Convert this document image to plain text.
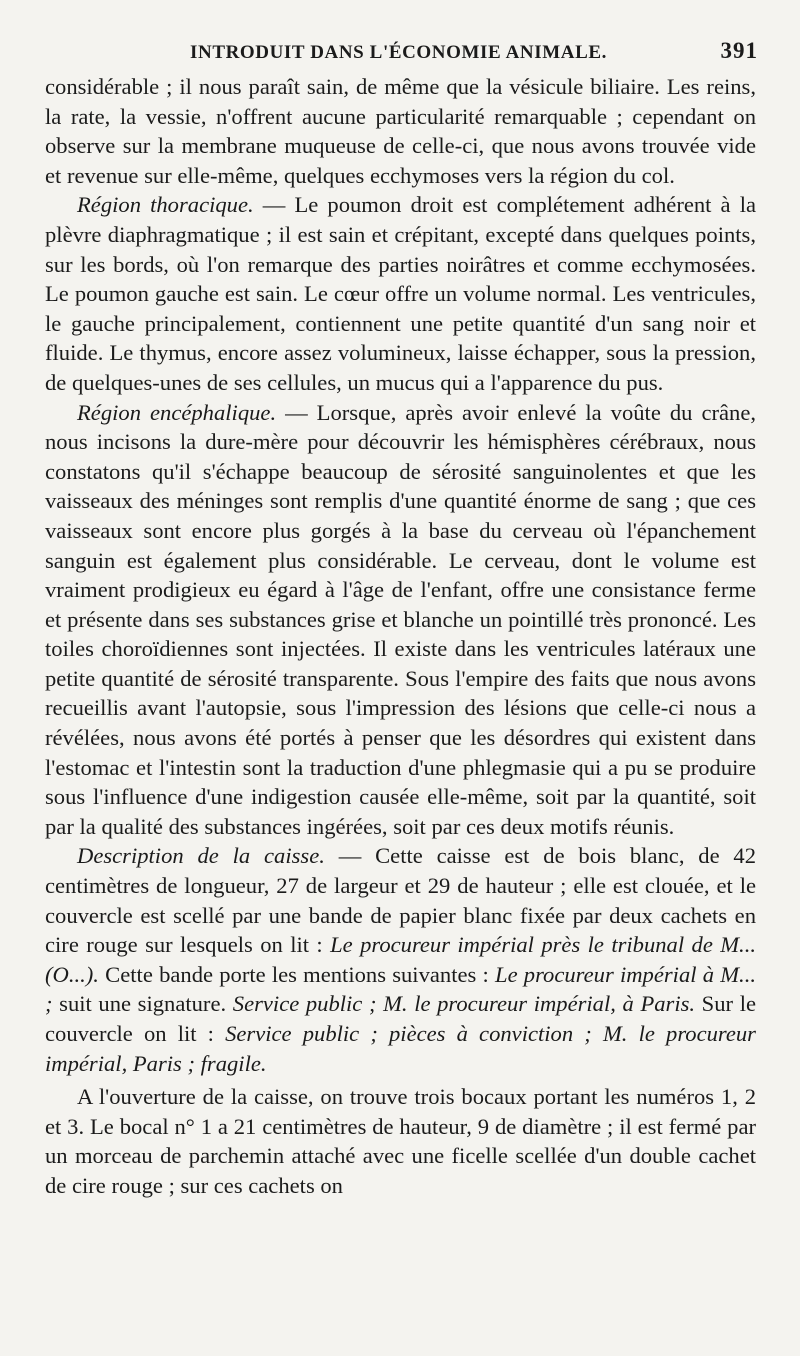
INTRODUIT DANS L'ÉCONOMIE ANIMALE.	391

considérable ; il nous paraît sain, de même que la vésicule biliaire. Les reins, la rate, la vessie, n'offrent aucune particularité remarquable ; cependant on observe sur la membrane muqueuse de celle-ci, que nous avons trouvée vide et revenue sur elle-même, quelques ecchymoses vers la région du col.

Région thoracique. — Le poumon droit est complétement adhérent à la plèvre diaphragmatique ; il est sain et crépitant, excepté dans quelques points, sur les bords, où l'on remarque des parties noirâtres et comme ecchymosées. Le poumon gauche est sain. Le cœur offre un volume normal. Les ventricules, le gauche principalement, contiennent une petite quantité d'un sang noir et fluide. Le thymus, encore assez volumineux, laisse échapper, sous la pression, de quelques-unes de ses cellules, un mucus qui a l'apparence du pus.

Région encéphalique. — Lorsque, après avoir enlevé la voûte du crâne, nous incisons la dure-mère pour découvrir les hémisphères cérébraux, nous constatons qu'il s'échappe beaucoup de sérosité sanguinolentes et que les vaisseaux des méninges sont remplis d'une quantité énorme de sang ; que ces vaisseaux sont encore plus gorgés à la base du cerveau où l'épanchement sanguin est également plus considérable. Le cerveau, dont le volume est vraiment prodigieux eu égard à l'âge de l'enfant, offre une consistance ferme et présente dans ses substances grise et blanche un pointillé très prononcé. Les toiles choroïdiennes sont injectées. Il existe dans les ventricules latéraux une petite quantité de sérosité transparente. Sous l'empire des faits que nous avons recueillis avant l'autopsie, sous l'impression des lésions que celle-ci nous a révélées, nous avons été portés à penser que les désordres qui existent dans l'estomac et l'intestin sont la traduction d'une phlegmasie qui a pu se produire sous l'influence d'une indigestion causée elle-même, soit par la quantité, soit par la qualité des substances ingérées, soit par ces deux motifs réunis.

Description de la caisse. — Cette caisse est de bois blanc, de 42 centimètres de longueur, 27 de largeur et 29 de hauteur ; elle est clouée, et le couvercle est scellé par une bande de papier blanc fixée par deux cachets en cire rouge sur lesquels on lit : Le procureur impérial près le tribunal de M... (O...). Cette bande porte les mentions suivantes : Le procureur impérial à M... ; suit une signature. Service public ; M. le procureur impérial, à Paris. Sur le couvercle on lit : Service public ; pièces à conviction ; M. le procureur impérial, Paris ; fragile.

A l'ouverture de la caisse, on trouve trois bocaux portant les numéros 1, 2 et 3. Le bocal n° 1 a 21 centimètres de hauteur, 9 de diamètre ; il est fermé par un morceau de parchemin attaché avec une ficelle scellée d'un double cachet de cire rouge ; sur ces cachets on
